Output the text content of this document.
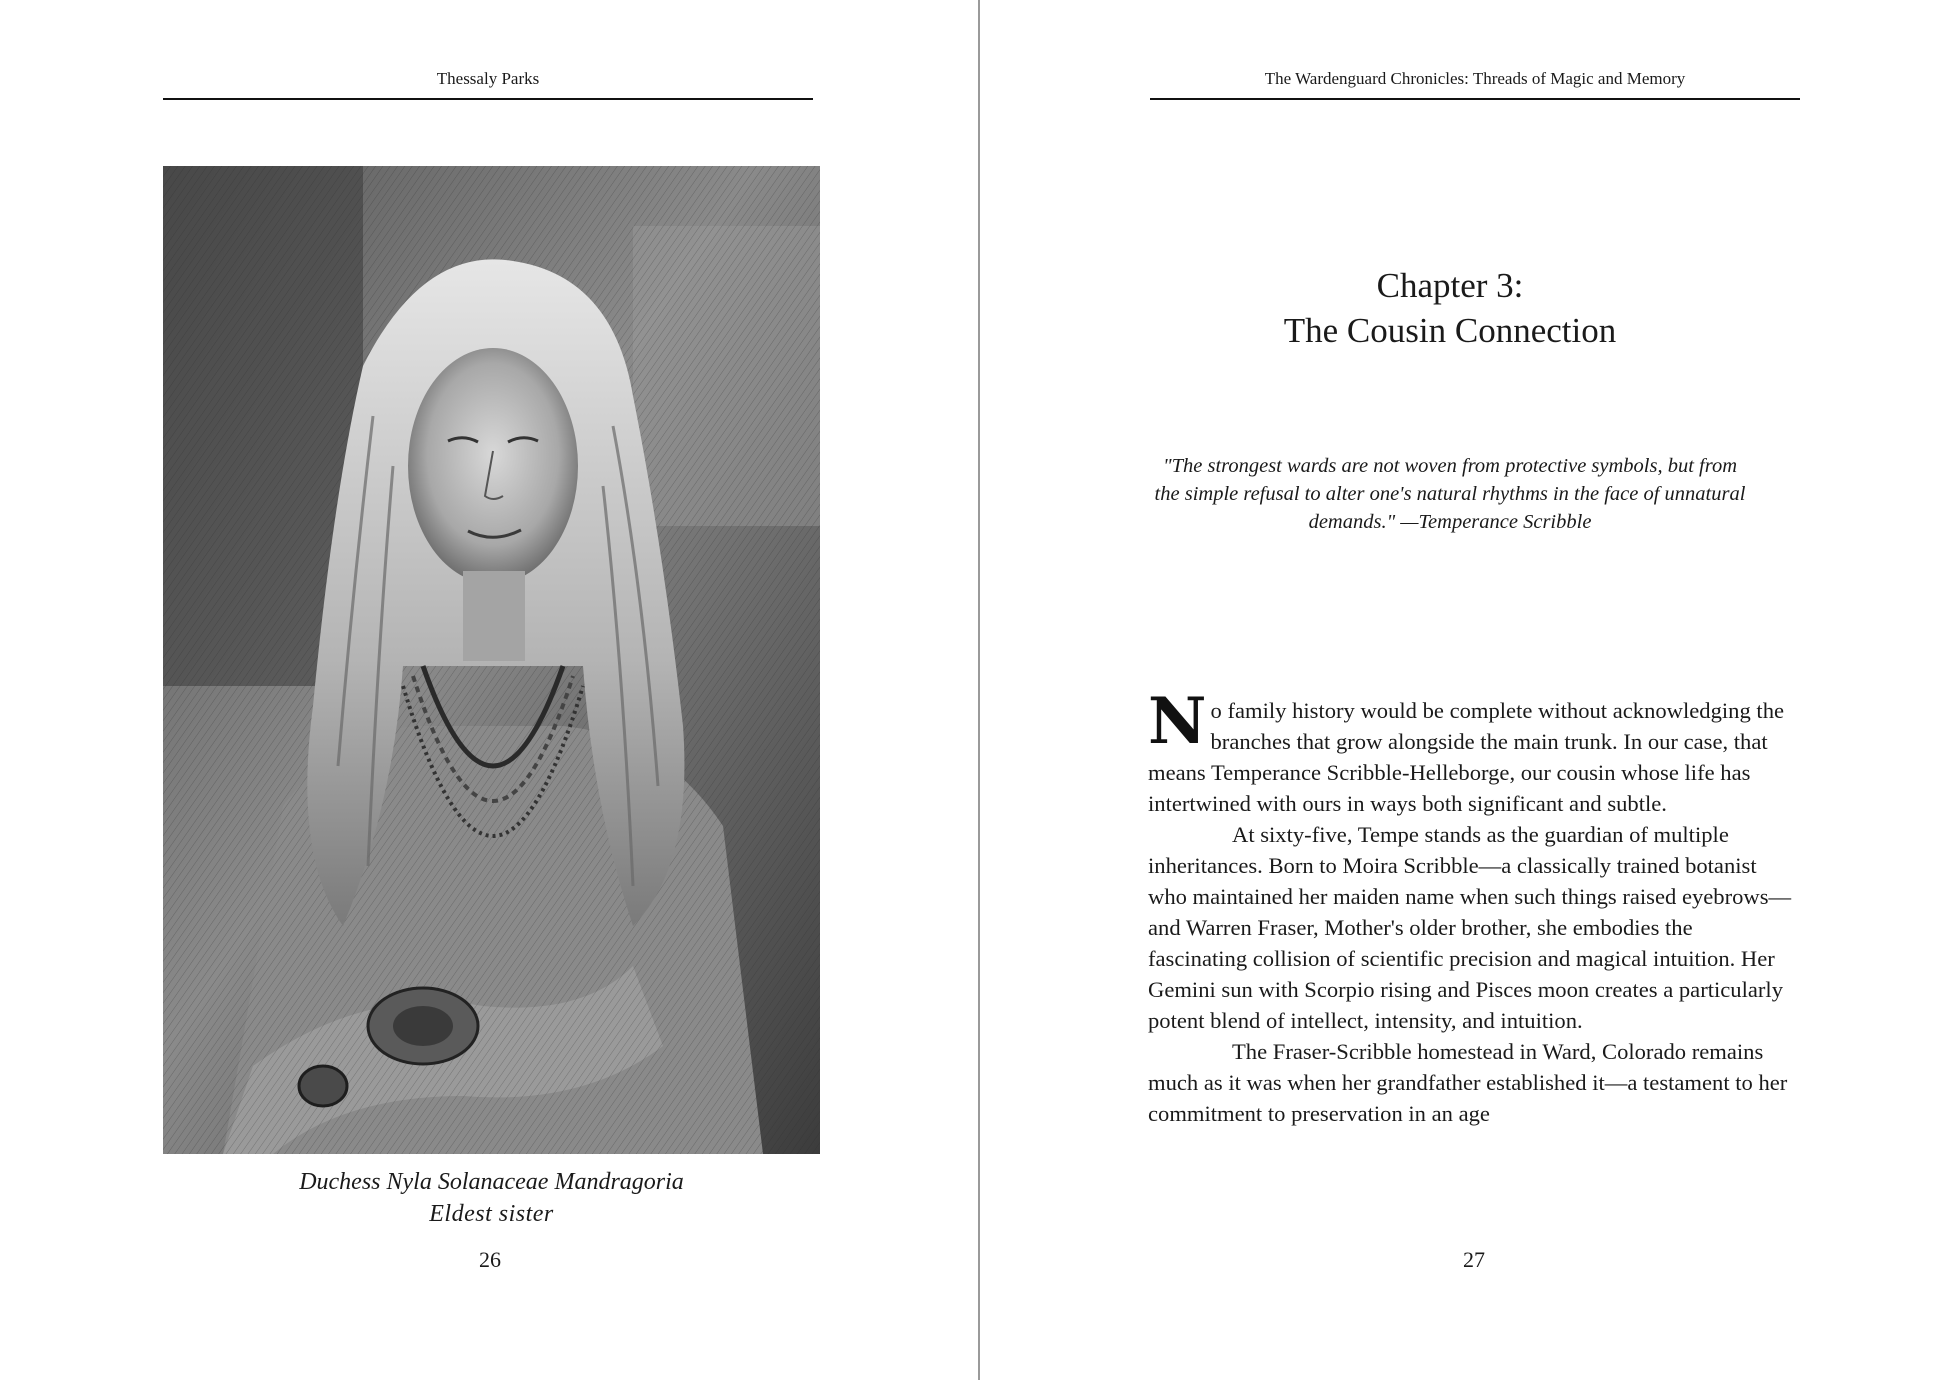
Thessaly Parks
Duchess Nyla Solanaceae Mandragoria
Eldest sister
26
The Wardenguard Chronicles: Threads of Magic and Memory
Chapter 3:
The Cousin Connection
"The strongest wards are not woven from protective symbols, but from the simple refusal to alter one's natural rhythms in the face of unnatural demands." —Temperance Scribble

No family history would be complete without acknowledging the branches that grow alongside the main trunk. In our case, that means Temperance Scribble-Helleborge, our cousin whose life has intertwined with ours in ways both significant and subtle.

At sixty-five, Tempe stands as the guardian of multiple inheritances. Born to Moira Scribble—a classically trained botanist who maintained her maiden name when such things raised eyebrows—and Warren Fraser, Mother's older brother, she embodies the fascinating collision of scientific precision and magical intuition. Her Gemini sun with Scorpio rising and Pisces moon creates a particularly potent blend of intellect, intensity, and intuition.

The Fraser-Scribble homestead in Ward, Colorado remains much as it was when her grandfather established it—a testament to her commitment to preservation in an age

27
